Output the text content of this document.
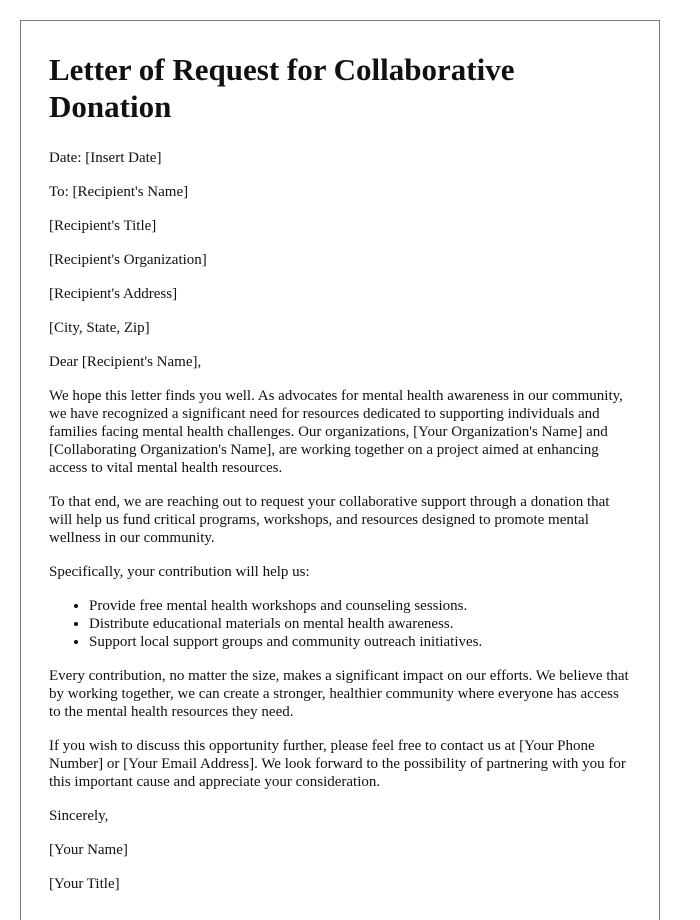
Letter of Request for Collaborative Donation

Date: [Insert Date]

To: [Recipient's Name]

[Recipient's Title]

[Recipient's Organization]

[Recipient's Address]

[City, State, Zip]

Dear [Recipient's Name],

We hope this letter finds you well. As advocates for mental health awareness in our community, we have recognized a significant need for resources dedicated to supporting individuals and families facing mental health challenges. Our organizations, [Your Organization's Name] and [Collaborating Organization's Name], are working together on a project aimed at enhancing access to vital mental health resources.

To that end, we are reaching out to request your collaborative support through a donation that will help us fund critical programs, workshops, and resources designed to promote mental wellness in our community.

Specifically, your contribution will help us:

• Provide free mental health workshops and counseling sessions.
• Distribute educational materials on mental health awareness.
• Support local support groups and community outreach initiatives.

Every contribution, no matter the size, makes a significant impact on our efforts. We believe that by working together, we can create a stronger, healthier community where everyone has access to the mental health resources they need.

If you wish to discuss this opportunity further, please feel free to contact us at [Your Phone Number] or [Your Email Address]. We look forward to the possibility of partnering with you for this important cause and appreciate your consideration.

Sincerely,

[Your Name]

[Your Title]
